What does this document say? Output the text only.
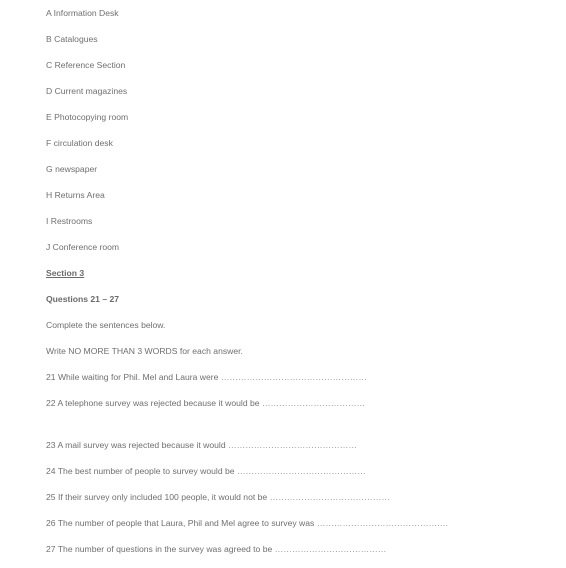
A Information Desk
B Catalogues
C Reference Section
D Current magazines
E Photocopying room
F circulation desk
G newspaper
H Returns Area
I Restrooms
J Conference room
Section 3
Questions 21 – 27
Complete the sentences below.
Write NO MORE THAN 3 WORDS for each answer.
21 While waiting for Phil. Mel and Laura were ……………………………………………
22 A telephone survey was rejected because it would be ………………………………
23 A mail survey was rejected because it would ………………………………………
24 The best number of people to survey would be ………………………………………
25 If their survey only included 100 people, it would not be ……………………………………
26 The number of people that Laura, Phil and Mel agree to survey was ……………………………………….
27 The number of questions in the survey was agreed to be …………………………………
